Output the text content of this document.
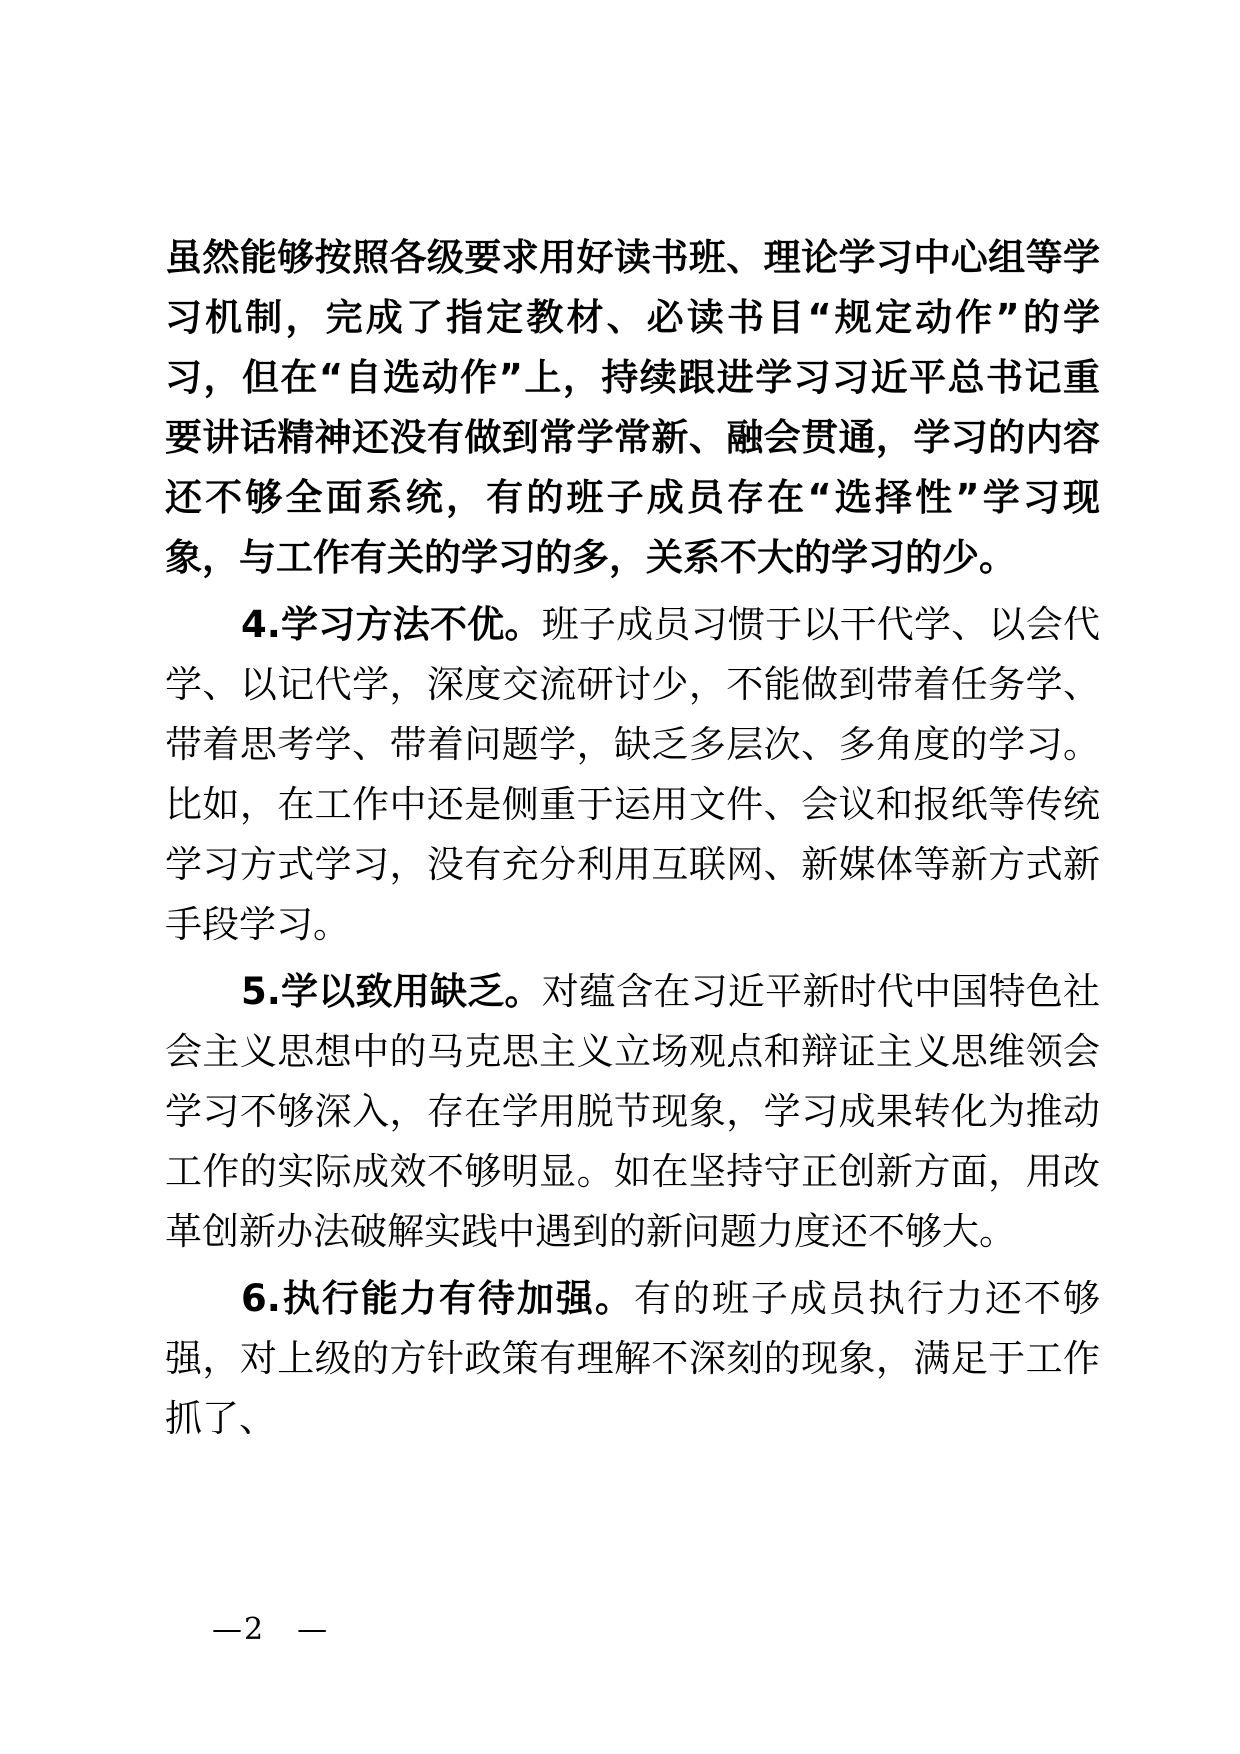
虽然能够按照各级要求用好读书班、理论学习中心组等学习机制，完成了指定教材、必读书目“规定动作”的学习，但在“自选动作”上，持续跟进学习习近平总书记重要讲话精神还没有做到常学常新、融会贯通，学习的内容还不够全面系统，有的班子成员存在“选择性”学习现象，与工作有关的学习的多，关系不大的学习的少。

4.学习方法不优。班子成员习惯于以干代学、以会代学、以记代学，深度交流研讨少，不能做到带着任务学、带着思考学、带着问题学，缺乏多层次、多角度的学习。比如，在工作中还是侧重于运用文件、会议和报纸等传统学习方式学习，没有充分利用互联网、新媒体等新方式新手段学习。

5.学以致用缺乏。对蕴含在习近平新时代中国特色社会主义思想中的马克思主义立场观点和辩证主义思维领会学习不够深入，存在学用脱节现象，学习成果转化为推动工作的实际成效不够明显。如在坚持守正创新方面，用改革创新办法破解实践中遇到的新问题力度还不够大。

6.执行能力有待加强。有的班子成员执行力还不够强，对上级的方针政策有理解不深刻的现象，满足于工作抓了、

—2　—
